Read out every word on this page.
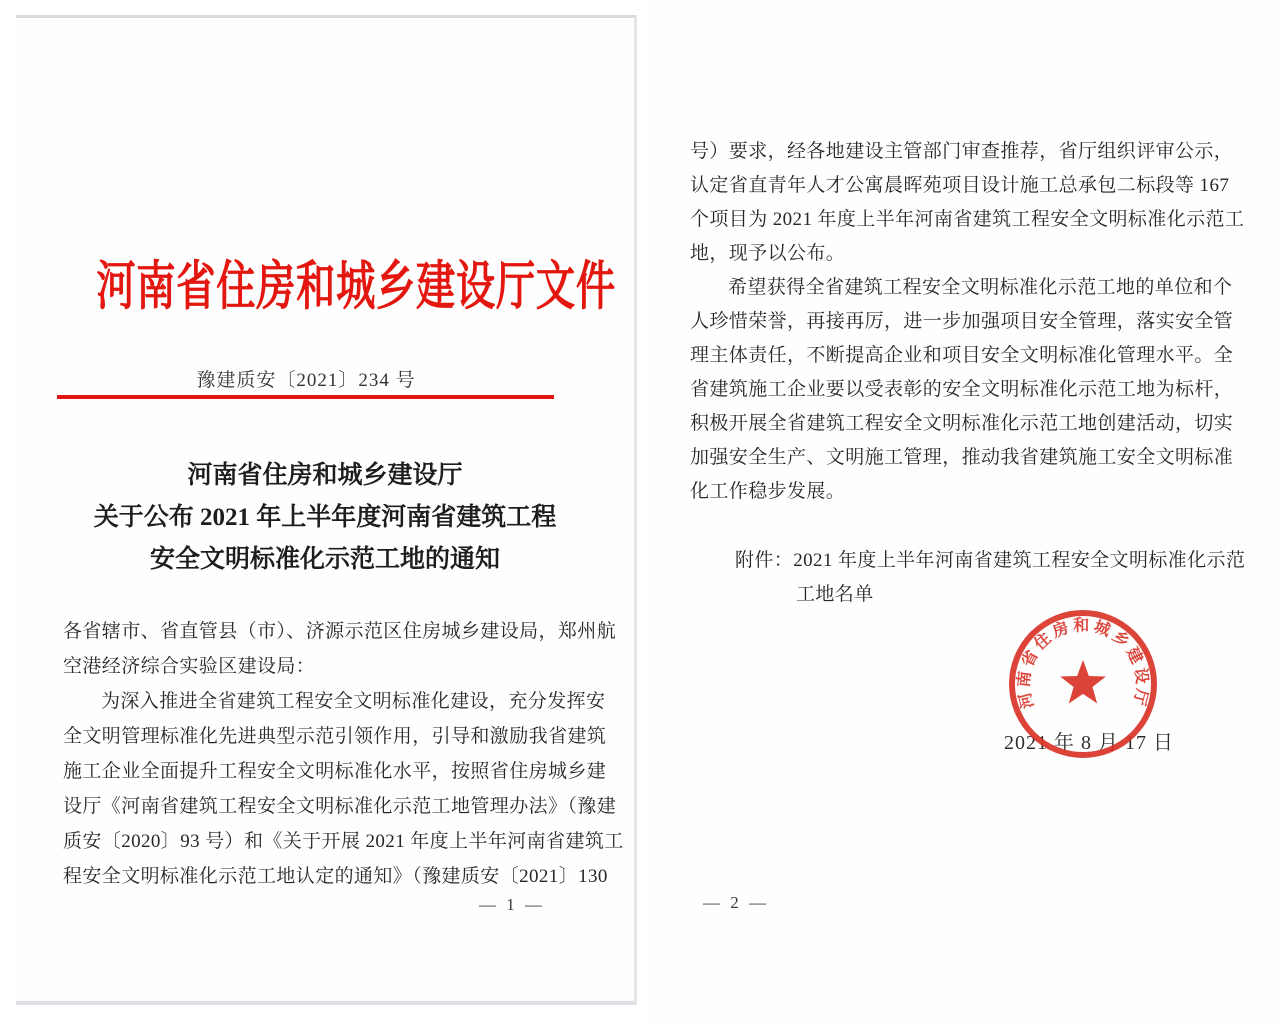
河南省住房和城乡建设厅文件
豫建质安〔2021〕234 号
河南省住房和城乡建设厅
关于公布 2021 年上半年度河南省建筑工程
安全文明标准化示范工地的通知
各省辖市、省直管县（市）、济源示范区住房城乡建设局，郑州航
空港经济综合实验区建设局：
为深入推进全省建筑工程安全文明标准化建设，充分发挥安
全文明管理标准化先进典型示范引领作用，引导和激励我省建筑
施工企业全面提升工程安全文明标准化水平，按照省住房城乡建
设厅《河南省建筑工程安全文明标准化示范工地管理办法》（豫建
质安〔2020〕93 号）和《关于开展 2021 年度上半年河南省建筑工
程安全文明标准化示范工地认定的通知》（豫建质安〔2021〕130
— 1 —
号）要求，经各地建设主管部门审查推荐，省厅组织评审公示，
认定省直青年人才公寓晨晖苑项目设计施工总承包二标段等 167
个项目为 2021 年度上半年河南省建筑工程安全文明标准化示范工
地，现予以公布。
希望获得全省建筑工程安全文明标准化示范工地的单位和个
人珍惜荣誉，再接再厉，进一步加强项目安全管理，落实安全管
理主体责任，不断提高企业和项目安全文明标准化管理水平。全
省建筑施工企业要以受表彰的安全文明标准化示范工地为标杆，
积极开展全省建筑工程安全文明标准化示范工地创建活动，切实
加强安全生产、文明施工管理，推动我省建筑施工安全文明标准
化工作稳步发展。
附件：2021 年度上半年河南省建筑工程安全文明标准化示范
工地名单
2021 年 8 月 17 日
河南省住房和城乡建设厅
— 2 —
